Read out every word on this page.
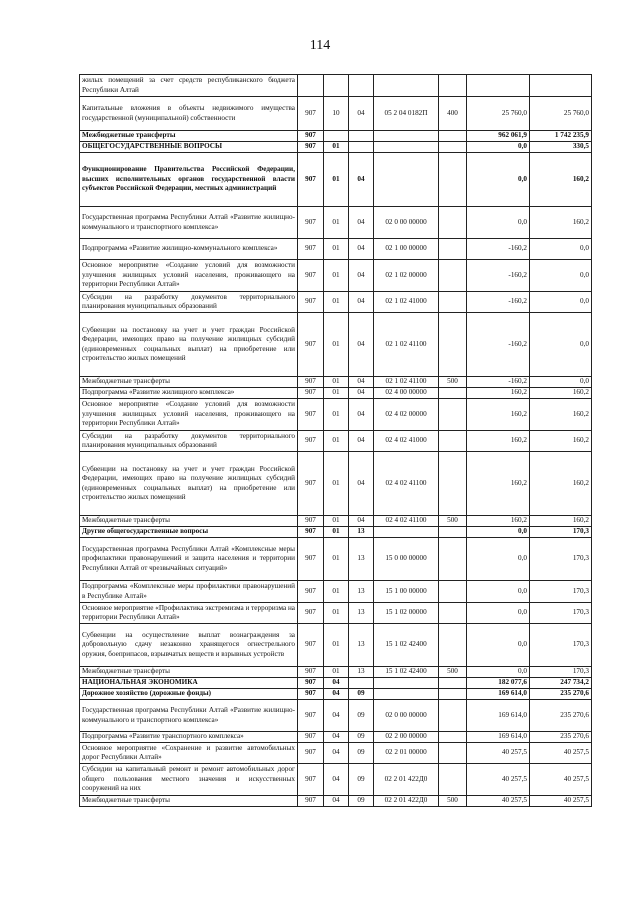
114
жилых помещений за счет средств республиканского бюджета Республики Алтай							
Капитальные вложения в объекты недвижимого имущества государственной (муниципальной) собственности	907	10	04	05 2 04 0182П	400	25 760,0	25 760,0
Межбюджетные трансферты	907					962 061,9	1 742 235,9
ОБЩЕГОСУДАРСТВЕННЫЕ ВОПРОСЫ	907	01				0,0	330,5
Функционирование Правительства Российской Федерации, высших исполнительных органов государственной власти субъектов Российской Федерации, местных администраций	907	01	04			0,0	160,2
Государственная программа Республики Алтай «Развитие жилищно-коммунального и транспортного комплекса»	907	01	04	02 0 00 00000		0,0	160,2
Подпрограмма «Развитие жилищно-коммунального комплекса»	907	01	04	02 1 00 00000		-160,2	0,0
Основное мероприятие «Создание условий для возможности улучшения жилищных условий населения, проживающего на территории Республики Алтай»	907	01	04	02 1 02 00000		-160,2	0,0
Субсидии на разработку документов территориального планирования муниципальных образований	907	01	04	02 1 02 41000		-160,2	0,0
Субвенции на постановку на учет и учет граждан Российской Федерации, имеющих право на получение жилищных субсидий (единовременных социальных выплат) на приобретение или строительство жилых помещений	907	01	04	02 1 02 41100		-160,2	0,0
Межбюджетные трансферты	907	01	04	02 1 02 41100	500	-160,2	0,0
Подпрограмма «Развитие жилищного комплекса»	907	01	04	02 4 00 00000		160,2	160,2
Основное мероприятие «Создание условий для возможности улучшения жилищных условий населения, проживающего на территории Республики Алтай»	907	01	04	02 4 02 00000		160,2	160,2
Субсидии на разработку документов территориального планирования муниципальных образований	907	01	04	02 4 02 41000		160,2	160,2
Субвенции на постановку на учет и учет граждан Российской Федерации, имеющих право на получение жилищных субсидий (единовременных социальных выплат) на приобретение или строительство жилых помещений	907	01	04	02 4 02 41100		160,2	160,2
Межбюджетные трансферты	907	01	04	02 4 02 41100	500	160,2	160,2
Другие общегосударственные вопросы	907	01	13			0,0	170,3
Государственная программа Республики Алтай «Комплексные меры профилактики правонарушений и защита населения и территории Республики Алтай от чрезвычайных ситуаций»	907	01	13	15 0 00 00000		0,0	170,3
Подпрограмма «Комплексные меры профилактики правонарушений в Республике Алтай»	907	01	13	15 1 00 00000		0,0	170,3
Основное мероприятие «Профилактика экстремизма и терроризма на территории Республики Алтай»	907	01	13	15 1 02 00000		0,0	170,3
Субвенции на осуществление выплат вознаграждения за добровольную сдачу незаконно хранящегося огнестрельного оружия, боеприпасов, взрывчатых веществ и взрывных устройств	907	01	13	15 1 02 42400		0,0	170,3
Межбюджетные трансферты	907	01	13	15 1 02 42400	500	0,0	170,3
НАЦИОНАЛЬНАЯ ЭКОНОМИКА	907	04				182 077,6	247 734,2
Дорожное хозяйство (дорожные фонды)	907	04	09			169 614,0	235 270,6
Государственная программа Республики Алтай «Развитие жилищно-коммунального и транспортного комплекса»	907	04	09	02 0 00 00000		169 614,0	235 270,6
Подпрограмма «Развитие транспортного комплекса»	907	04	09	02 2 00 00000		169 614,0	235 270,6
Основное мероприятие «Сохранение и развитие автомобильных дорог Республики Алтай»	907	04	09	02 2 01 00000		40 257,5	40 257,5
Субсидии на капитальный ремонт и ремонт автомобильных дорог общего пользования местного значения и искусственных сооружений на них	907	04	09	02 2 01 422Д0		40 257,5	40 257,5
Межбюджетные трансферты	907	04	09	02 2 01 422Д0	500	40 257,5	40 257,5
